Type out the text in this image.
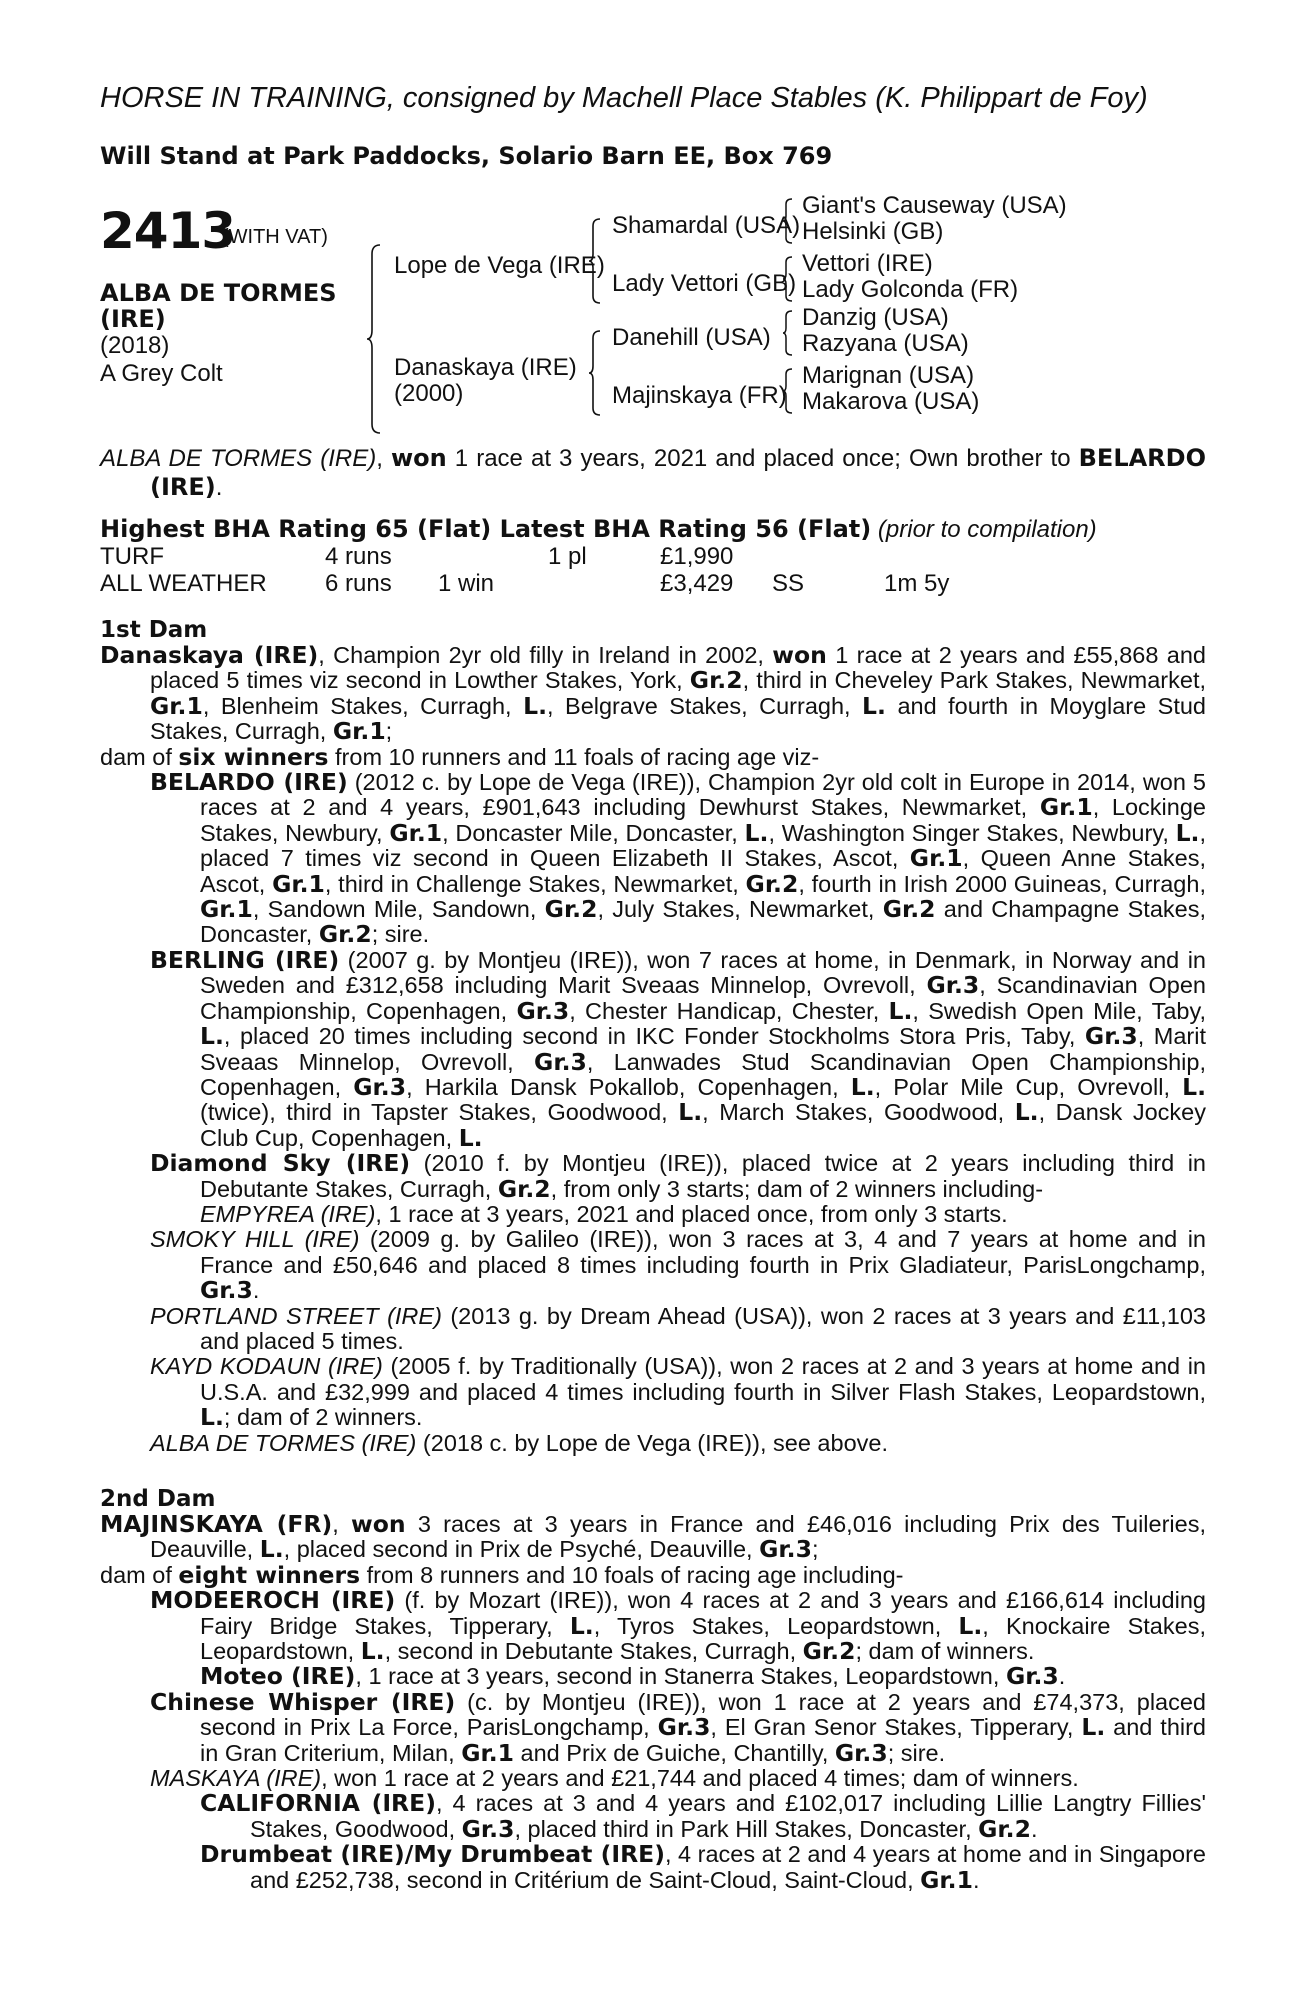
HORSE IN TRAINING, consigned by Machell Place Stables (K. Philippart de Foy)

Will Stand at Park Paddocks, Solario Barn EE, Box 769
2413
(WITH VAT)
ALBA DE TORMES
(IRE)
(2018)
A Grey Colt
Lope de Vega (IRE)
Danaskaya (IRE)
(2000)
Shamardal (USA)
Lady Vettori (GB)
Danehill (USA)
Majinskaya (FR)
Giant's Causeway (USA)
Helsinki (GB)
Vettori (IRE)
Lady Golconda (FR)
Danzig (USA)
Razyana (USA)
Marignan (USA)
Makarova (USA)
ALBA DE TORMES (IRE), won 1 race at 3 years, 2021 and placed once; Own brother to BELARDO (IRE).
Highest BHA Rating 65 (Flat) Latest BHA Rating 56 (Flat) (prior to compilation)
TURF	4 runs		1 pl	£1,990		
ALL WEATHER	6 runs	1 win		£3,429	SS	1m 5y
1st Dam

Danaskaya (IRE), Champion 2yr old filly in Ireland in 2002, won 1 race at 2 years and £55,868 and placed 5 times viz second in Lowther Stakes, York, Gr.2, third in Cheveley Park Stakes, Newmarket, Gr.1, Blenheim Stakes, Curragh, L., Belgrave Stakes, Curragh, L. and fourth in Moyglare Stud Stakes, Curragh, Gr.1;

dam of six winners from 10 runners and 11 foals of racing age viz-

BELARDO (IRE) (2012 c. by Lope de Vega (IRE)), Champion 2yr old colt in Europe in 2014, won 5 races at 2 and 4 years, £901,643 including Dewhurst Stakes, Newmarket, Gr.1, Lockinge Stakes, Newbury, Gr.1, Doncaster Mile, Doncaster, L., Washington Singer Stakes, Newbury, L., placed 7 times viz second in Queen Elizabeth II Stakes, Ascot, Gr.1, Queen Anne Stakes, Ascot, Gr.1, third in Challenge Stakes, Newmarket, Gr.2, fourth in Irish 2000 Guineas, Curragh, Gr.1, Sandown Mile, Sandown, Gr.2, July Stakes, Newmarket, Gr.2 and Champagne Stakes, Doncaster, Gr.2; sire.

BERLING (IRE) (2007 g. by Montjeu (IRE)), won 7 races at home, in Denmark, in Norway and in Sweden and £312,658 including Marit Sveaas Minnelop, Ovrevoll, Gr.3, Scandinavian Open Championship, Copenhagen, Gr.3, Chester Handicap, Chester, L., Swedish Open Mile, Taby, L., placed 20 times including second in IKC Fonder Stockholms Stora Pris, Taby, Gr.3, Marit Sveaas Minnelop, Ovrevoll, Gr.3, Lanwades Stud Scandinavian Open Championship, Copenhagen, Gr.3, Harkila Dansk Pokallob, Copenhagen, L., Polar Mile Cup, Ovrevoll, L. (twice), third in Tapster Stakes, Goodwood, L., March Stakes, Goodwood, L., Dansk Jockey Club Cup, Copenhagen, L.

Diamond Sky (IRE) (2010 f. by Montjeu (IRE)), placed twice at 2 years including third in Debutante Stakes, Curragh, Gr.2, from only 3 starts; dam of 2 winners including-
EMPYREA (IRE), 1 race at 3 years, 2021 and placed once, from only 3 starts.

SMOKY HILL (IRE) (2009 g. by Galileo (IRE)), won 3 races at 3, 4 and 7 years at home and in France and £50,646 and placed 8 times including fourth in Prix Gladiateur, ParisLongchamp, Gr.3.

PORTLAND STREET (IRE) (2013 g. by Dream Ahead (USA)), won 2 races at 3 years and £11,103 and placed 5 times.

KAYD KODAUN (IRE) (2005 f. by Traditionally (USA)), won 2 races at 2 and 3 years at home and in U.S.A. and £32,999 and placed 4 times including fourth in Silver Flash Stakes, Leopardstown, L.; dam of 2 winners.

ALBA DE TORMES (IRE) (2018 c. by Lope de Vega (IRE)), see above.

2nd Dam

MAJINSKAYA (FR), won 3 races at 3 years in France and £46,016 including Prix des Tuileries, Deauville, L., placed second in Prix de Psyché, Deauville, Gr.3;

dam of eight winners from 8 runners and 10 foals of racing age including-

MODEEROCH (IRE) (f. by Mozart (IRE)), won 4 races at 2 and 3 years and £166,614 including Fairy Bridge Stakes, Tipperary, L., Tyros Stakes, Leopardstown, L., Knockaire Stakes, Leopardstown, L., second in Debutante Stakes, Curragh, Gr.2; dam of winners.

Moteo (IRE), 1 race at 3 years, second in Stanerra Stakes, Leopardstown, Gr.3.

Chinese Whisper (IRE) (c. by Montjeu (IRE)), won 1 race at 2 years and £74,373, placed second in Prix La Force, ParisLongchamp, Gr.3, El Gran Senor Stakes, Tipperary, L. and third in Gran Criterium, Milan, Gr.1 and Prix de Guiche, Chantilly, Gr.3; sire.

MASKAYA (IRE), won 1 race at 2 years and £21,744 and placed 4 times; dam of winners.

CALIFORNIA (IRE), 4 races at 3 and 4 years and £102,017 including Lillie Langtry Fillies' Stakes, Goodwood, Gr.3, placed third in Park Hill Stakes, Doncaster, Gr.2.

Drumbeat (IRE)/My Drumbeat (IRE), 4 races at 2 and 4 years at home and in Singapore and £252,738, second in Critérium de Saint-Cloud, Saint-Cloud, Gr.1.
